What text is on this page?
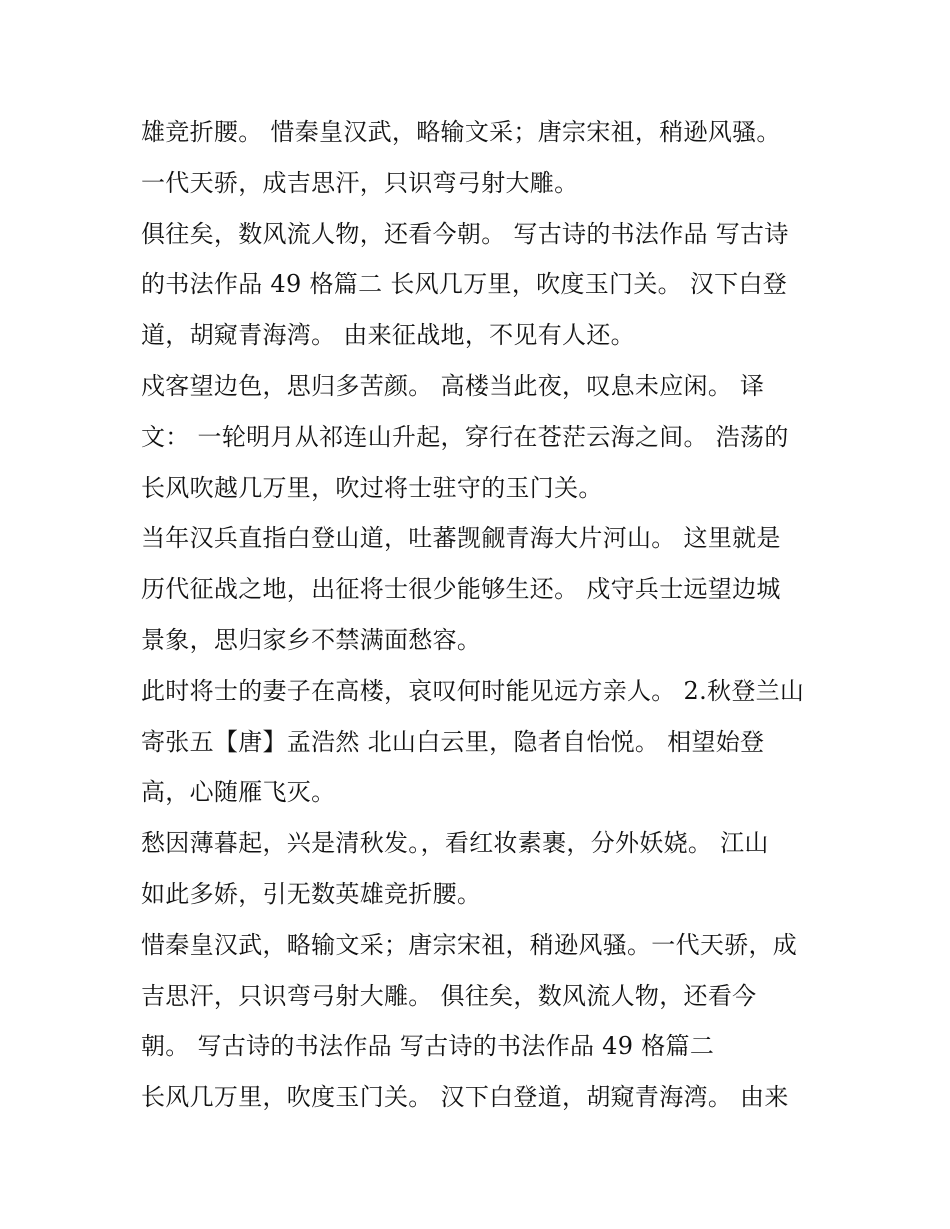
雄竞折腰。 惜秦皇汉武，略输文采；唐宗宋祖，稍逊风骚。
一代天骄，成吉思汗，只识弯弓射大雕。
俱往矣，数风流人物，还看今朝。 写古诗的书法作品 写古诗
的书法作品 49 格篇二 长风几万里，吹度玉门关。 汉下白登
道，胡窥青海湾。 由来征战地，不见有人还。
戍客望边色，思归多苦颜。 高楼当此夜，叹息未应闲。 译
文： 一轮明月从祁连山升起，穿行在苍茫云海之间。 浩荡的
长风吹越几万里，吹过将士驻守的玉门关。
当年汉兵直指白登山道，吐蕃觊觎青海大片河山。 这里就是
历代征战之地，出征将士很少能够生还。 戍守兵士远望边城
景象，思归家乡不禁满面愁容。
此时将士的妻子在高楼，哀叹何时能见远方亲人。 2.秋登兰山
寄张五【唐】孟浩然 北山白云里，隐者自怡悦。 相望始登
高，心随雁飞灭。
愁因薄暮起，兴是清秋发。，看红妆素裹，分外妖娆。 江山
如此多娇，引无数英雄竞折腰。
惜秦皇汉武，略输文采；唐宗宋祖，稍逊风骚。一代天骄，成
吉思汗，只识弯弓射大雕。 俱往矣，数风流人物，还看今
朝。 写古诗的书法作品 写古诗的书法作品 49 格篇二
长风几万里，吹度玉门关。 汉下白登道，胡窥青海湾。 由来
